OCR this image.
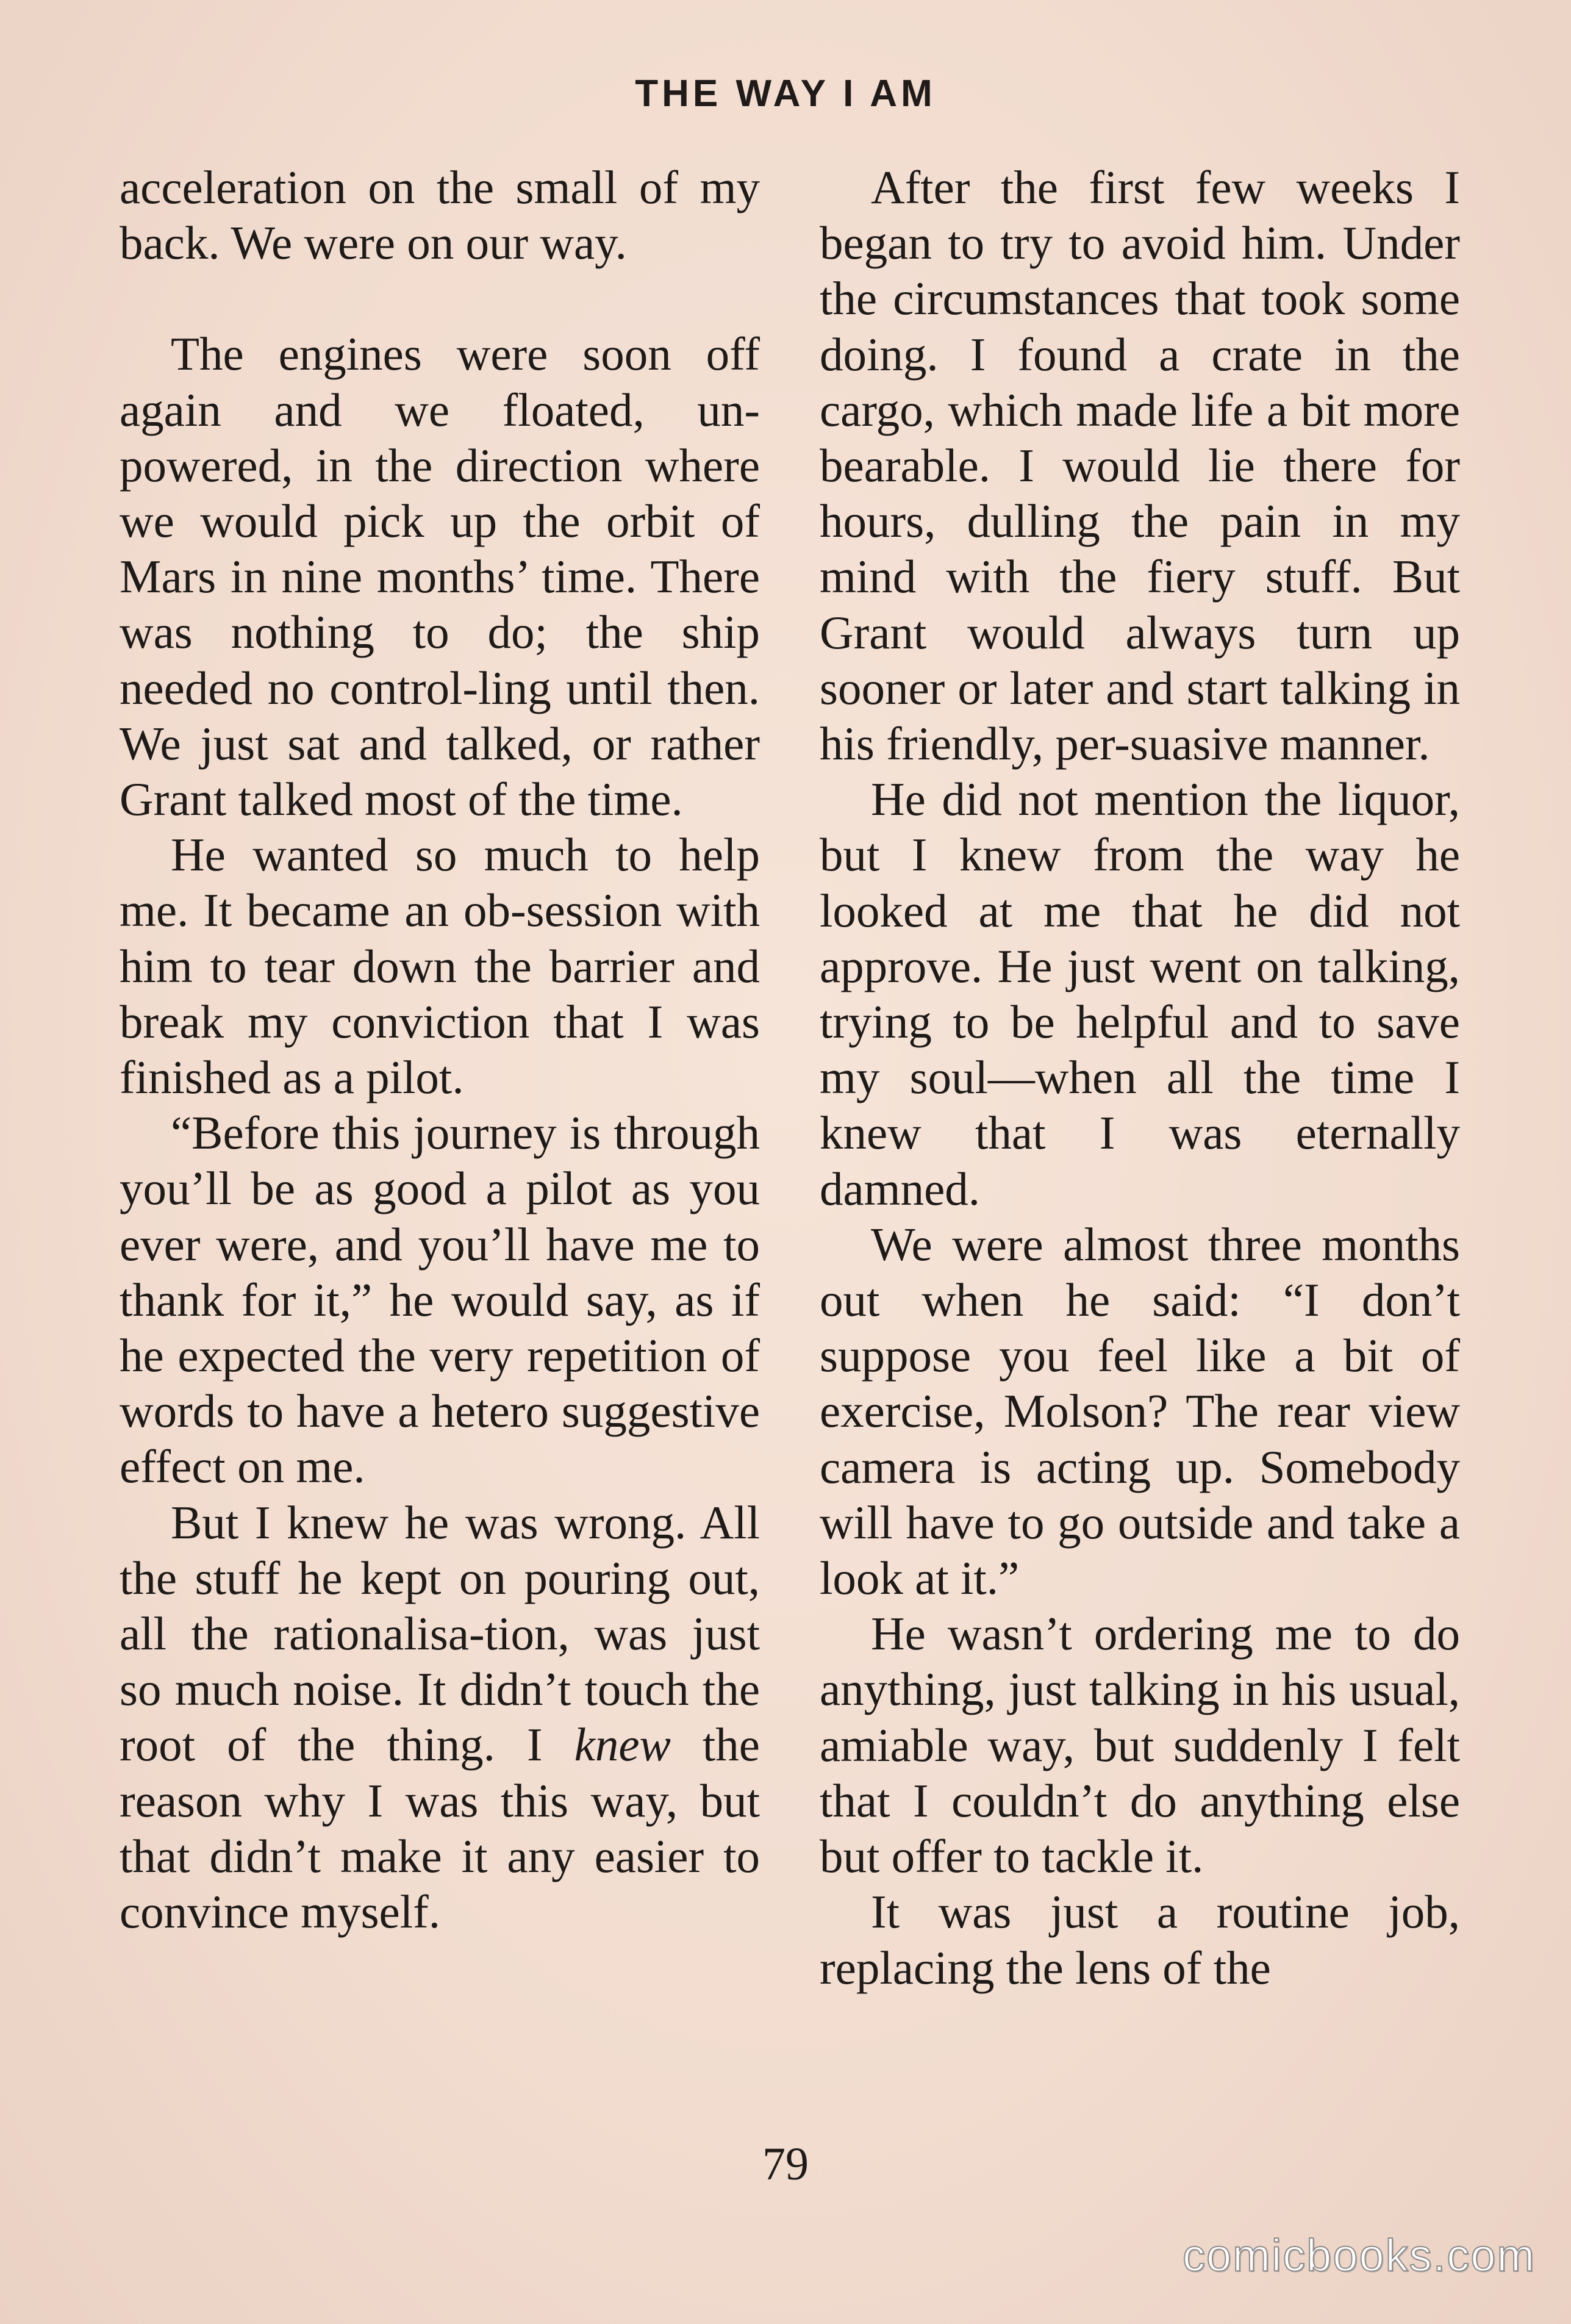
THE WAY I AM

acceleration on the small of my back. We were on our way.

The engines were soon off again and we floated, un-powered, in the direction where we would pick up the orbit of Mars in nine months’ time. There was nothing to do; the ship needed no control-ling until then. We just sat and talked, or rather Grant talked most of the time.

He wanted so much to help me. It became an ob-session with him to tear down the barrier and break my conviction that I was finished as a pilot.

“Before this journey is through you’ll be as good a pilot as you ever were, and you’ll have me to thank for it,” he would say, as if he expected the very repetition of words to have a hetero suggestive effect on me.

But I knew he was wrong. All the stuff he kept on pouring out, all the rationalisa-tion, was just so much noise. It didn’t touch the root of the thing. I knew the reason why I was this way, but that didn’t make it any easier to convince myself.

After the first few weeks I began to try to avoid him. Under the circumstances that took some doing. I found a crate in the cargo, which made life a bit more bearable. I would lie there for hours, dulling the pain in my mind with the fiery stuff. But Grant would always turn up sooner or later and start talking in his friendly, per-suasive manner.

He did not mention the liquor, but I knew from the way he looked at me that he did not approve. He just went on talking, trying to be helpful and to save my soul—when all the time I knew that I was eternally damned.

We were almost three months out when he said: “I don’t suppose you feel like a bit of exercise, Molson? The rear view camera is acting up. Somebody will have to go outside and take a look at it.”

He wasn’t ordering me to do anything, just talking in his usual, amiable way, but suddenly I felt that I couldn’t do anything else but offer to tackle it.

It was just a routine job, replacing the lens of the

79
comicbooks.com
